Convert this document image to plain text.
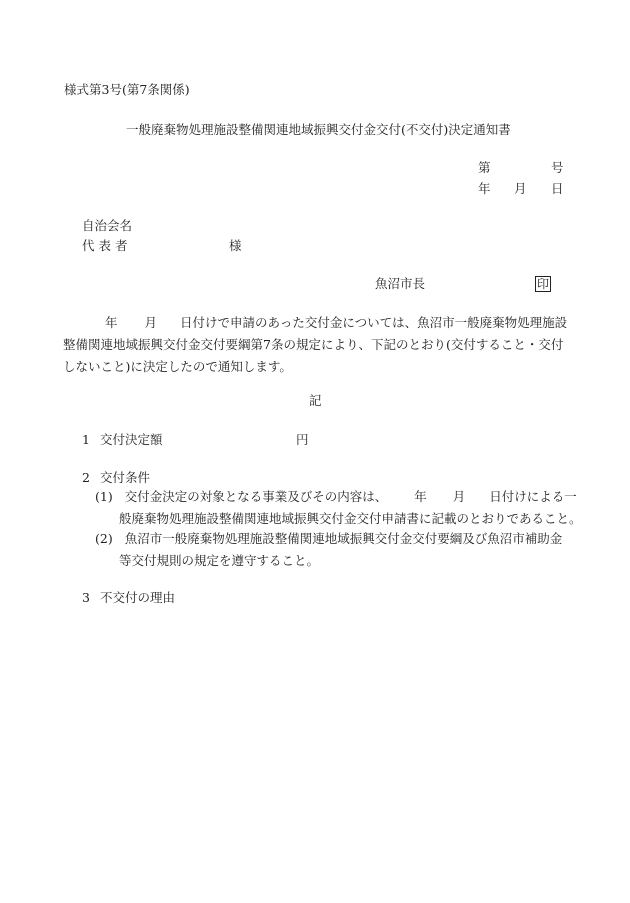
様式第3号(第7条関係)
一般廃棄物処理施設整備関連地域振興交付金交付(不交付)決定通知書
第	号
年 月 日
自治会名
代 表 者	様
魚沼市長	印
年 月 日付けで申請のあった交付金については、魚沼市一般廃棄物処理施設
整備関連地域振興交付金交付要綱第7条の規定により、下記のとおり(交付すること・交付
しないこと)に決定したので通知します。
記
1 交付決定額	円
2 交付条件
(1) 交付金決定の対象となる事業及びその内容は、 年 月 日付けによる一
般廃棄物処理施設整備関連地域振興交付金交付申請書に記載のとおりであること。
(2) 魚沼市一般廃棄物処理施設整備関連地域振興交付金交付要綱及び魚沼市補助金
等交付規則の規定を遵守すること。
3 不交付の理由
